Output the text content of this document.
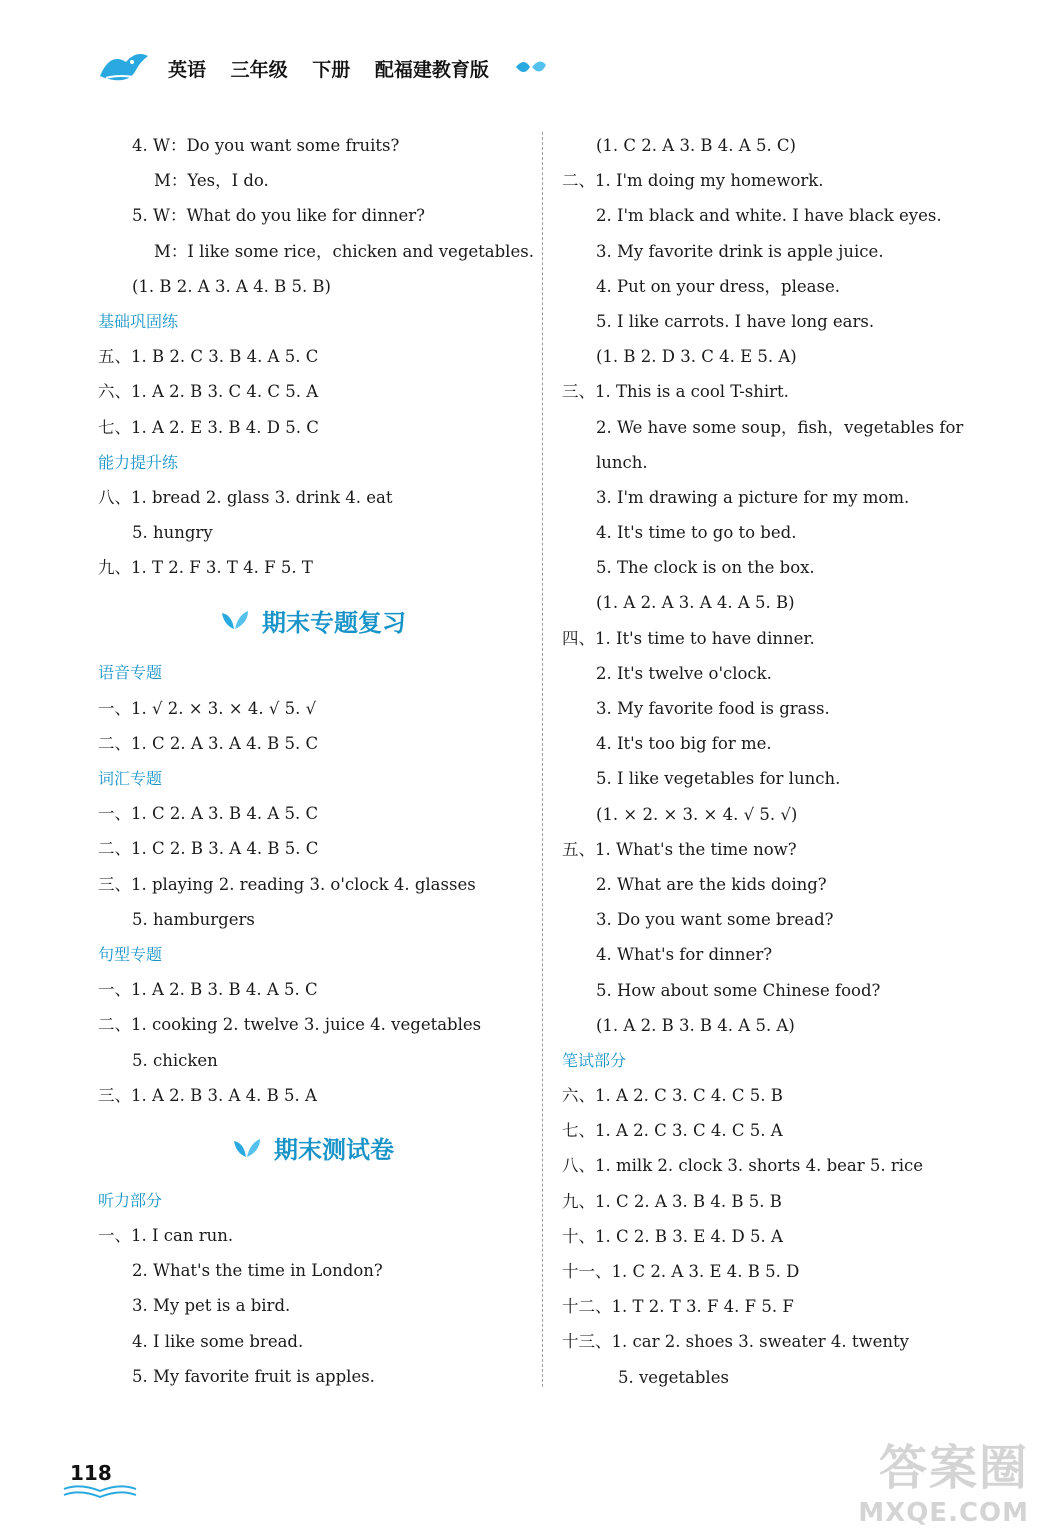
英语 三年级 下册 配福建教育版
4. W：Do you want some fruits?
M：Yes，I do.
5. W：What do you like for dinner?
M：I like some rice，chicken and vegetables.
(1. B 2. A 3. A 4. B 5. B)
基础巩固练
五、1. B 2. C 3. B 4. A 5. C
六、1. A 2. B 3. C 4. C 5. A
七、1. A 2. E 3. B 4. D 5. C
能力提升练
八、1. bread 2. glass 3. drink 4. eat
5. hungry
九、1. T 2. F 3. T 4. F 5. T
期末专题复习
语音专题
一、1. √ 2. × 3. × 4. √ 5. √
二、1. C 2. A 3. A 4. B 5. C
词汇专题
一、1. C 2. A 3. B 4. A 5. C
二、1. C 2. B 3. A 4. B 5. C
三、1. playing 2. reading 3. o'clock 4. glasses
5. hamburgers
句型专题
一、1. A 2. B 3. B 4. A 5. C
二、1. cooking 2. twelve 3. juice 4. vegetables
5. chicken
三、1. A 2. B 3. A 4. B 5. A
期末测试卷
听力部分
一、1. I can run.
2. What's the time in London?
3. My pet is a bird.
4. I like some bread.
5. My favorite fruit is apples.
(1. C 2. A 3. B 4. A 5. C)
二、1. I'm doing my homework.
2. I'm black and white. I have black eyes.
3. My favorite drink is apple juice.
4. Put on your dress，please.
5. I like carrots. I have long ears.
(1. B 2. D 3. C 4. E 5. A)
三、1. This is a cool T-shirt.
2. We have some soup，fish，vegetables for
lunch.
3. I'm drawing a picture for my mom.
4. It's time to go to bed.
5. The clock is on the box.
(1. A 2. A 3. A 4. A 5. B)
四、1. It's time to have dinner.
2. It's twelve o'clock.
3. My favorite food is grass.
4. It's too big for me.
5. I like vegetables for lunch.
(1. × 2. × 3. × 4. √ 5. √)
五、1. What's the time now?
2. What are the kids doing?
3. Do you want some bread?
4. What's for dinner?
5. How about some Chinese food?
(1. A 2. B 3. B 4. A 5. A)
笔试部分
六、1. A 2. C 3. C 4. C 5. B
七、1. A 2. C 3. C 4. C 5. A
八、1. milk 2. clock 3. shorts 4. bear 5. rice
九、1. C 2. A 3. B 4. B 5. B
十、1. C 2. B 3. E 4. D 5. A
十一、1. C 2. A 3. E 4. B 5. D
十二、1. T 2. T 3. F 4. F 5. F
十三、1. car 2. shoes 3. sweater 4. twenty
5. vegetables
118	答案圈
MXQE.COM
